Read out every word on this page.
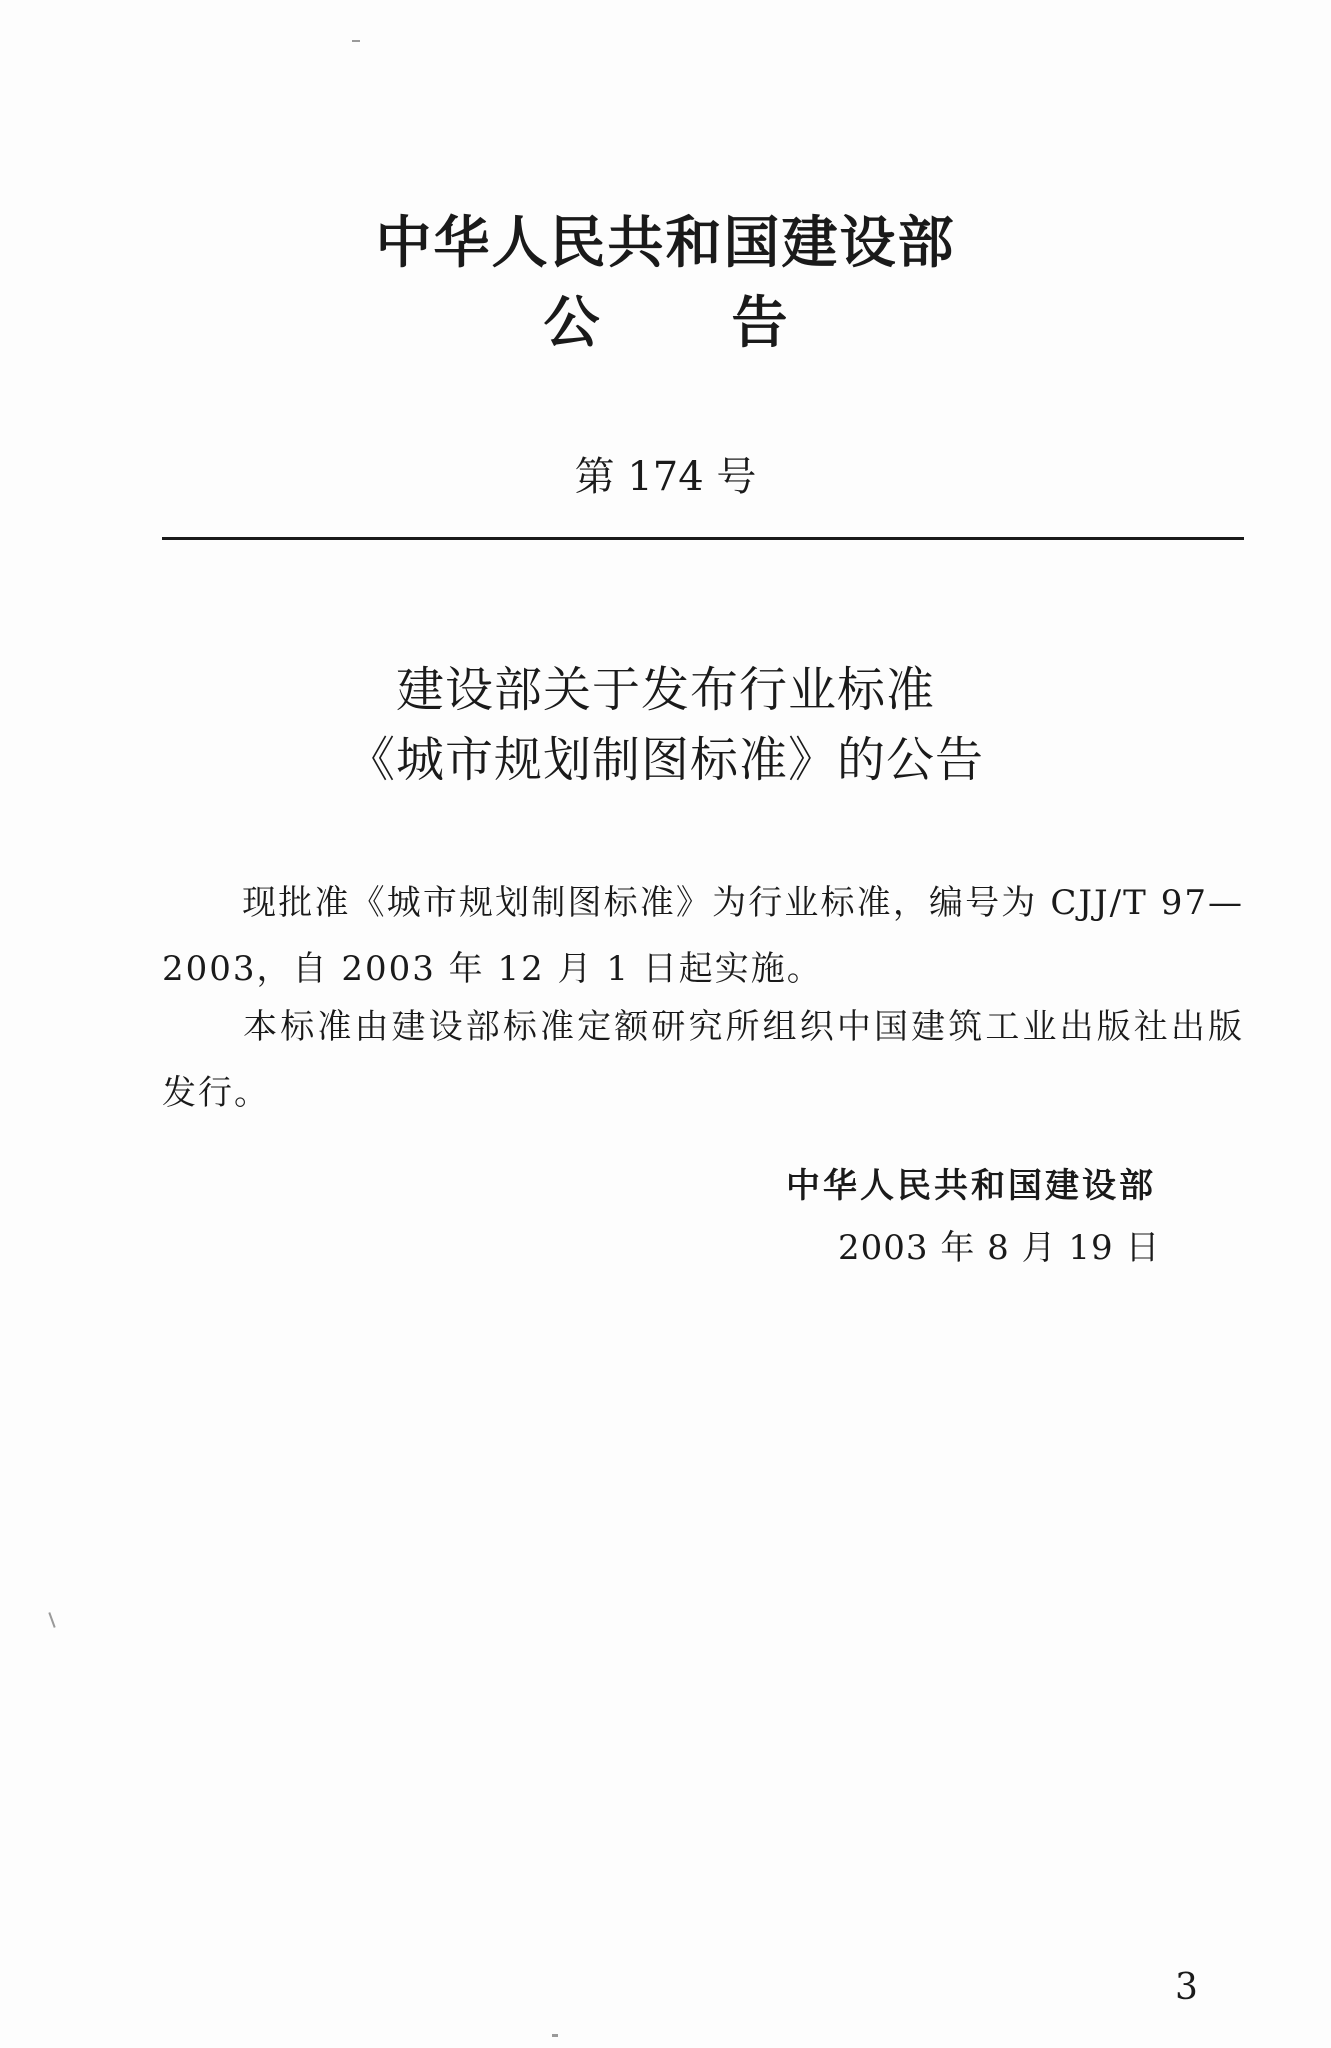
中华人民共和国建设部
公 告
第 174 号
建设部关于发布行业标准
《城市规划制图标准》的公告
现批准《城市规划制图标准》为行业标准，编号为 CJJ/T 97—2003，自 2003 年 12 月 1 日起实施。
本标准由建设部标准定额研究所组织中国建筑工业出版社出版发行。
中华人民共和国建设部
2003 年 8 月 19 日
3
